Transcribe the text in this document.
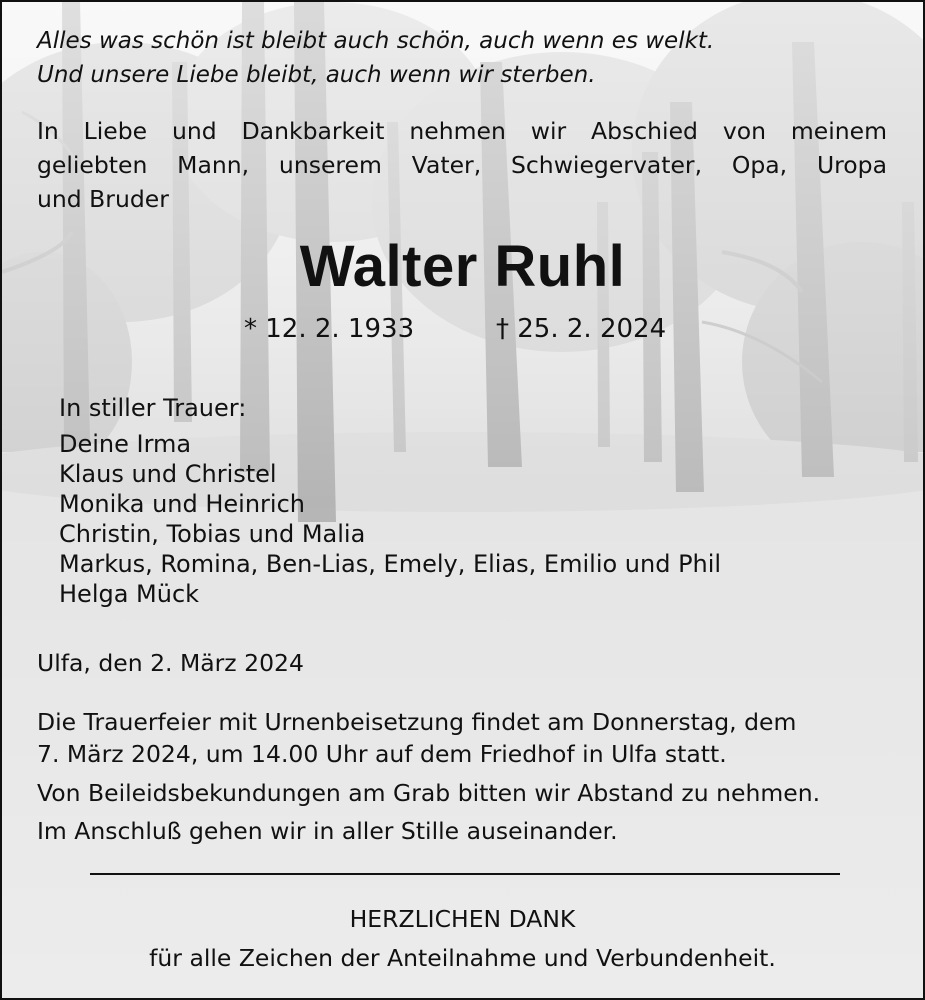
Alles was schön ist bleibt auch schön, auch wenn es welkt.
Und unsere Liebe bleibt, auch wenn wir sterben.
In Liebe und Dankbarkeit nehmen wir Abschied von meinem
geliebten Mann, unserem Vater, Schwiegervater, Opa, Uropa
und Bruder
Walter Ruhl
* 12. 2. 1933	† 25. 2. 2024
In stiller Trauer:
Deine Irma
Klaus und Christel
Monika und Heinrich
Christin, Tobias und Malia
Markus, Romina, Ben-Lias, Emely, Elias, Emilio und Phil
Helga Mück
Ulfa, den 2. März 2024
Die Trauerfeier mit Urnenbeisetzung findet am Donnerstag, dem
7. März 2024, um 14.00 Uhr auf dem Friedhof in Ulfa statt.
Von Beileidsbekundungen am Grab bitten wir Abstand zu nehmen.
Im Anschluß gehen wir in aller Stille auseinander.
HERZLICHEN DANK
für alle Zeichen der Anteilnahme und Verbundenheit.
